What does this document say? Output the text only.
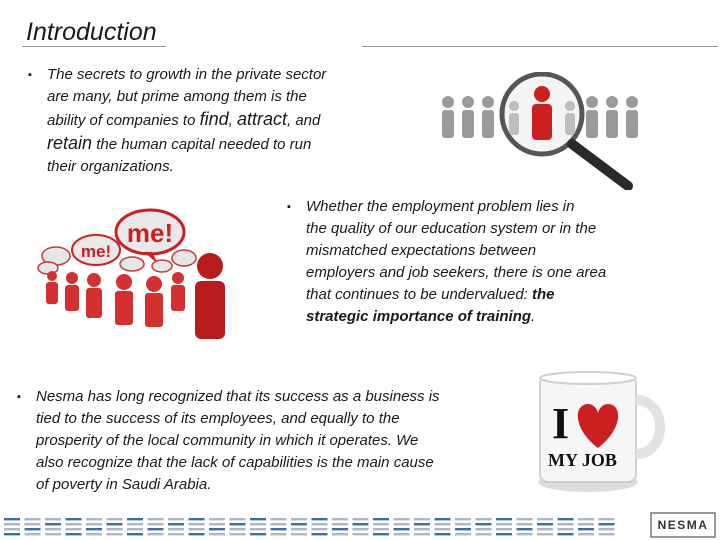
Introduction
▪ The secrets to growth in the private sector
are many, but prime among them is the
ability of companies to find, attract, and
retain the human capital needed to run
their organizations.
▪ Whether the employment problem lies in
the quality of our education system or in the
mismatched expectations between
employers and job seekers, there is one area
that continues to be undervalued: the
strategic importance of training.
▪ Nesma has long recognized that its success as a business is
tied to the success of its employees, and equally to the
prosperity of the local community in which it operates. We
also recognize that the lack of capabilities is the main cause
of poverty in Saudi Arabia.
me!
me!
I
MY JOB
NESMA
